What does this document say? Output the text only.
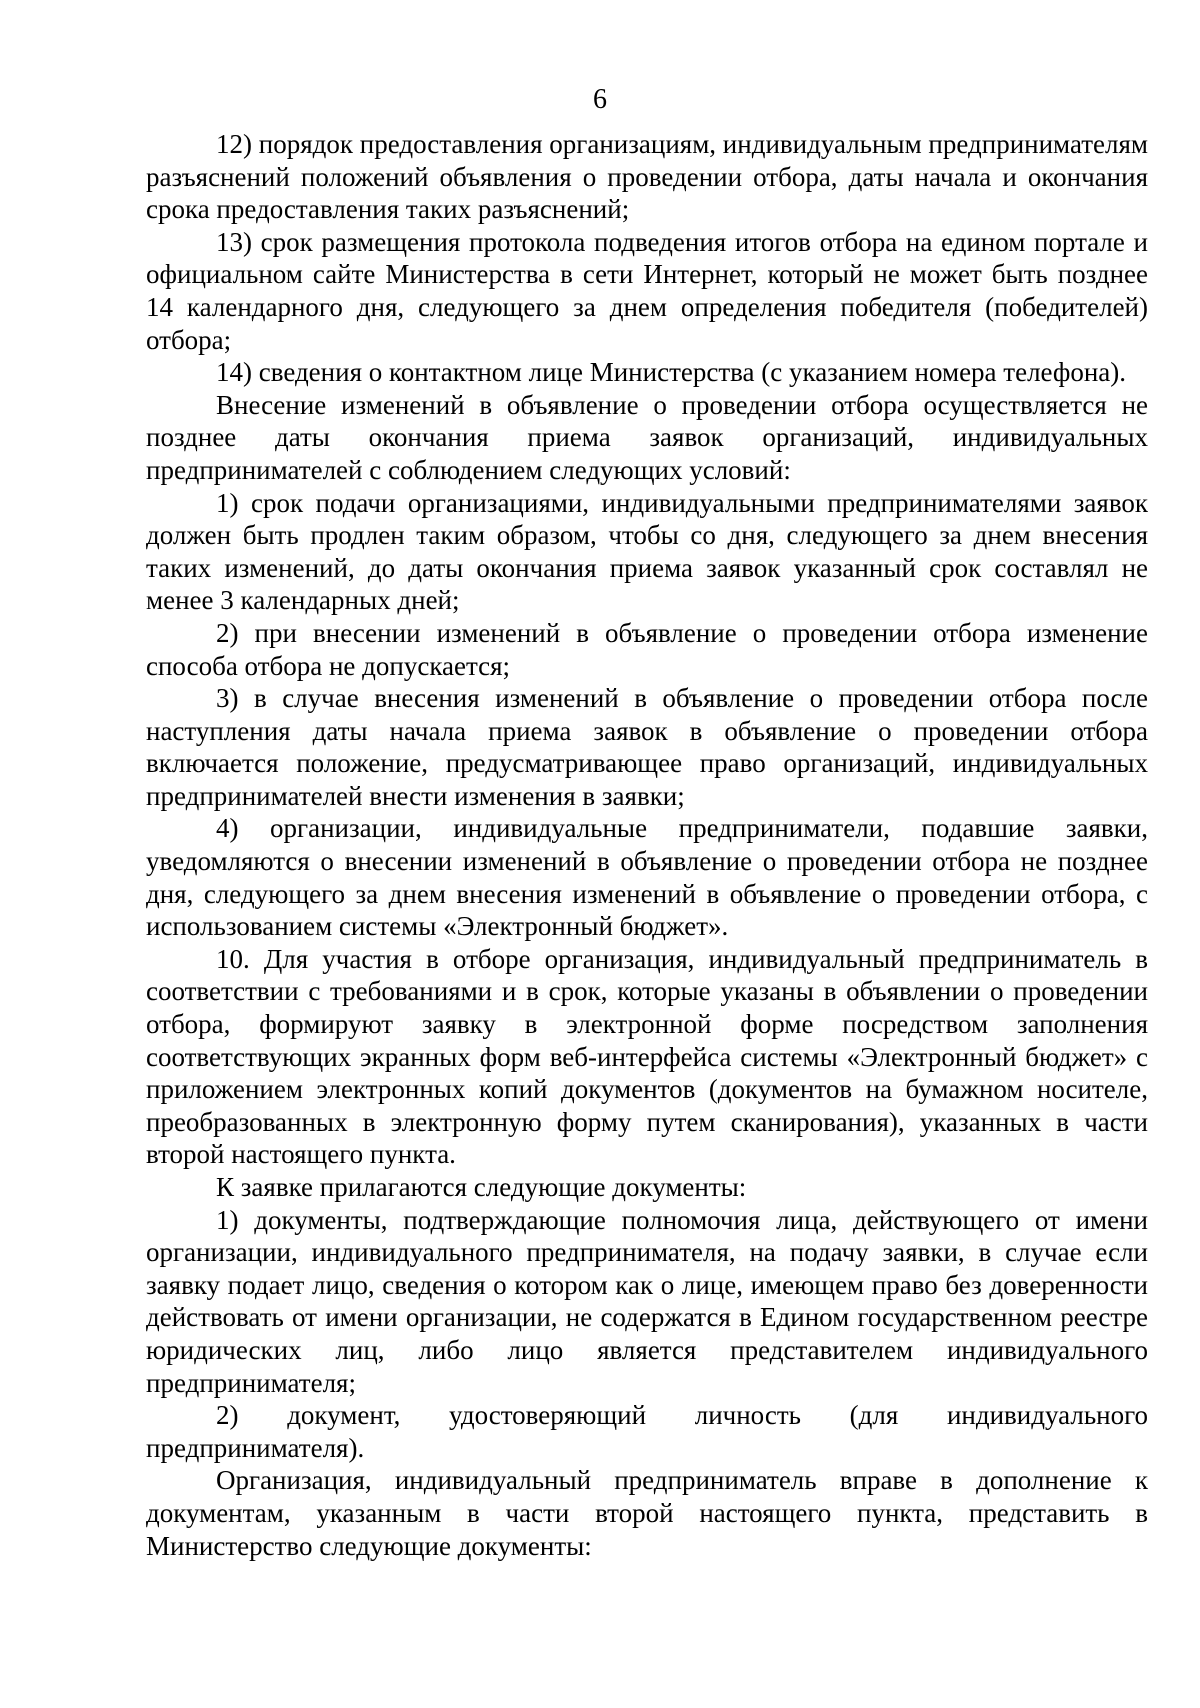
6

12) порядок предоставления организациям, индивидуальным предпринимателям разъяснений положений объявления о проведении отбора, даты начала и окончания срока предоставления таких разъяснений;

13) срок размещения протокола подведения итогов отбора на едином портале и официальном сайте Министерства в сети Интернет, который не может быть позднее 14 календарного дня, следующего за днем определения победителя (победителей) отбора;

14) сведения о контактном лице Министерства (с указанием номера телефона).

Внесение изменений в объявление о проведении отбора осуществляется не позднее даты окончания приема заявок организаций, индивидуальных предпринимателей с соблюдением следующих условий:

1) срок подачи организациями, индивидуальными предпринимателями заявок должен быть продлен таким образом, чтобы со дня, следующего за днем внесения таких изменений, до даты окончания приема заявок указанный срок составлял не менее 3 календарных дней;

2) при внесении изменений в объявление о проведении отбора изменение способа отбора не допускается;

3) в случае внесения изменений в объявление о проведении отбора после наступления даты начала приема заявок в объявление о проведении отбора включается положение, предусматривающее право организаций, индивидуальных предпринимателей внести изменения в заявки;

4) организации, индивидуальные предприниматели, подавшие заявки, уведомляются о внесении изменений в объявление о проведении отбора не позднее дня, следующего за днем внесения изменений в объявление о проведении отбора, с использованием системы «Электронный бюджет».

10. Для участия в отборе организация, индивидуальный предприниматель в соответствии с требованиями и в срок, которые указаны в объявлении о проведении отбора, формируют заявку в электронной форме посредством заполнения соответствующих экранных форм веб-интерфейса системы «Электронный бюджет» с приложением электронных копий документов (документов на бумажном носителе, преобразованных в электронную форму путем сканирования), указанных в части второй настоящего пункта.

К заявке прилагаются следующие документы:

1) документы, подтверждающие полномочия лица, действующего от имени организации, индивидуального предпринимателя, на подачу заявки, в случае если заявку подает лицо, сведения о котором как о лице, имеющем право без доверенности действовать от имени организации, не содержатся в Едином государственном реестре юридических лиц, либо лицо является представителем индивидуального предпринимателя;

2) документ, удостоверяющий личность (для индивидуального предпринимателя).

Организация, индивидуальный предприниматель вправе в дополнение к документам, указанным в части второй настоящего пункта, представить в Министерство следующие документы:
